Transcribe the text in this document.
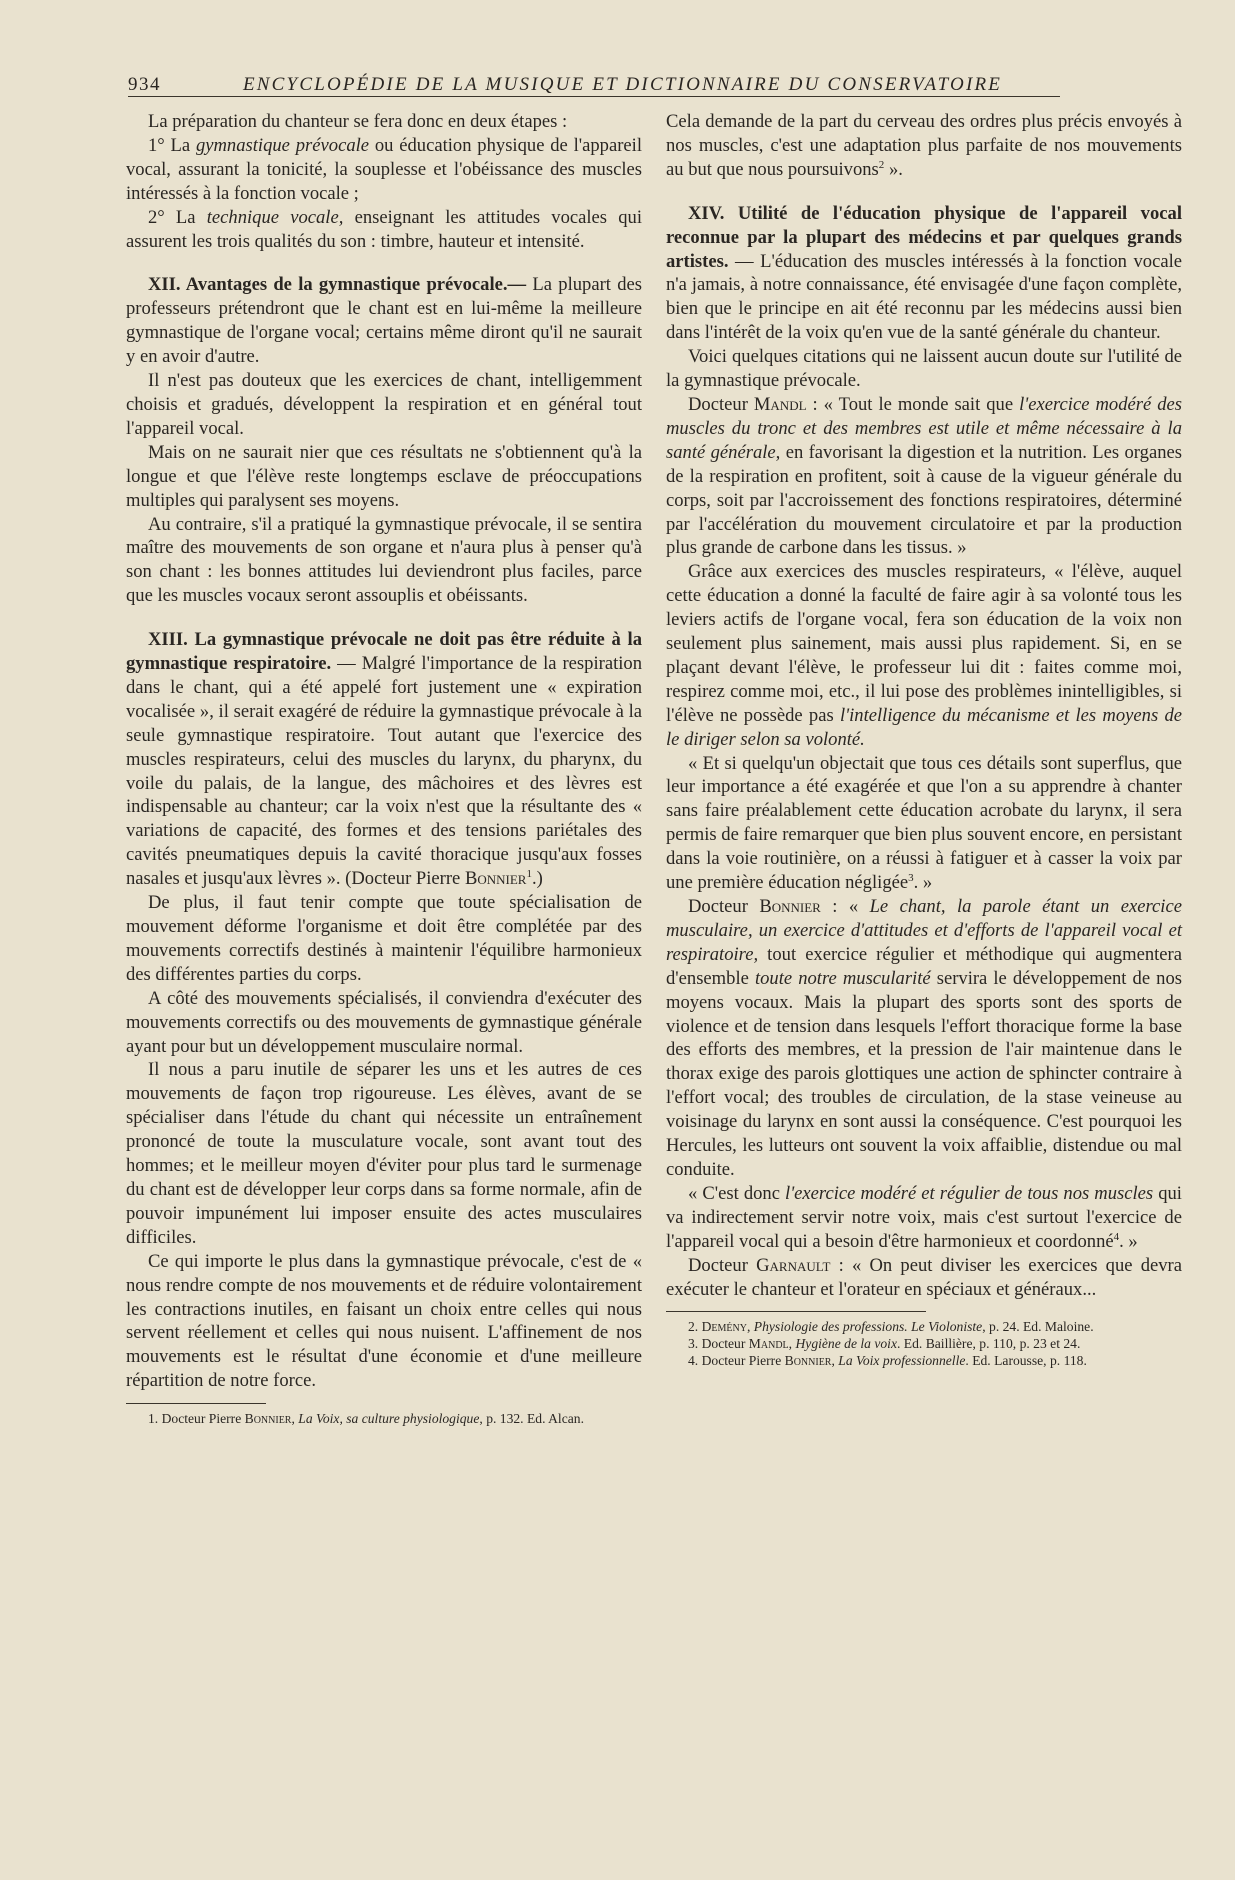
934	ENCYCLOPÉDIE DE LA MUSIQUE ET DICTIONNAIRE DU CONSERVATOIRE

La préparation du chanteur se fera donc en deux étapes :

1° La gymnastique prévocale ou éducation physique de l'appareil vocal, assurant la tonicité, la souplesse et l'obéissance des muscles intéressés à la fonction vocale ;

2° La technique vocale, enseignant les attitudes vocales qui assurent les trois qualités du son : timbre, hauteur et intensité.

XII. Avantages de la gymnastique prévocale.— La plupart des professeurs prétendront que le chant est en lui-même la meilleure gymnastique de l'organe vocal; certains même diront qu'il ne saurait y en avoir d'autre.

Il n'est pas douteux que les exercices de chant, intelligemment choisis et gradués, développent la respiration et en général tout l'appareil vocal.

Mais on ne saurait nier que ces résultats ne s'obtiennent qu'à la longue et que l'élève reste longtemps esclave de préoccupations multiples qui paralysent ses moyens.

Au contraire, s'il a pratiqué la gymnastique prévocale, il se sentira maître des mouvements de son organe et n'aura plus à penser qu'à son chant : les bonnes attitudes lui deviendront plus faciles, parce que les muscles vocaux seront assouplis et obéissants.

XIII. La gymnastique prévocale ne doit pas être réduite à la gymnastique respiratoire. — Malgré l'importance de la respiration dans le chant, qui a été appelé fort justement une « expiration vocalisée », il serait exagéré de réduire la gymnastique prévocale à la seule gymnastique respiratoire. Tout autant que l'exercice des muscles respirateurs, celui des muscles du larynx, du pharynx, du voile du palais, de la langue, des mâchoires et des lèvres est indispensable au chanteur; car la voix n'est que la résultante des « variations de capacité, des formes et des tensions pariétales des cavités pneumatiques depuis la cavité thoracique jusqu'aux fosses nasales et jusqu'aux lèvres ». (Docteur Pierre Bonnier$^1$.)

De plus, il faut tenir compte que toute spécialisation de mouvement déforme l'organisme et doit être complétée par des mouvements correctifs destinés à maintenir l'équilibre harmonieux des différentes parties du corps.

A côté des mouvements spécialisés, il conviendra d'exécuter des mouvements correctifs ou des mouvements de gymnastique générale ayant pour but un développement musculaire normal.

Il nous a paru inutile de séparer les uns et les autres de ces mouvements de façon trop rigoureuse. Les élèves, avant de se spécialiser dans l'étude du chant qui nécessite un entraînement prononcé de toute la musculature vocale, sont avant tout des hommes; et le meilleur moyen d'éviter pour plus tard le surmenage du chant est de développer leur corps dans sa forme normale, afin de pouvoir impunément lui imposer ensuite des actes musculaires difficiles.

Ce qui importe le plus dans la gymnastique prévocale, c'est de « nous rendre compte de nos mouvements et de réduire volontairement les contractions inutiles, en faisant un choix entre celles qui nous servent réellement et celles qui nous nuisent. L'affinement de nos mouvements est le résultat d'une économie et d'une meilleure répartition de notre force.

1. Docteur Pierre Bonnier, La Voix, sa culture physiologique, p. 132. Ed. Alcan.

Cela demande de la part du cerveau des ordres plus précis envoyés à nos muscles, c'est une adaptation plus parfaite de nos mouvements au but que nous poursuivons$^2$ ».

XIV. Utilité de l'éducation physique de l'appareil vocal reconnue par la plupart des médecins et par quelques grands artistes. — L'éducation des muscles intéressés à la fonction vocale n'a jamais, à notre connaissance, été envisagée d'une façon complète, bien que le principe en ait été reconnu par les médecins aussi bien dans l'intérêt de la voix qu'en vue de la santé générale du chanteur.

Voici quelques citations qui ne laissent aucun doute sur l'utilité de la gymnastique prévocale.

Docteur Mandl : « Tout le monde sait que l'exercice modéré des muscles du tronc et des membres est utile et même nécessaire à la santé générale, en favorisant la digestion et la nutrition. Les organes de la respiration en profitent, soit à cause de la vigueur générale du corps, soit par l'accroissement des fonctions respiratoires, déterminé par l'accélération du mouvement circulatoire et par la production plus grande de carbone dans les tissus. »

Grâce aux exercices des muscles respirateurs, « l'élève, auquel cette éducation a donné la faculté de faire agir à sa volonté tous les leviers actifs de l'organe vocal, fera son éducation de la voix non seulement plus sainement, mais aussi plus rapidement. Si, en se plaçant devant l'élève, le professeur lui dit : faites comme moi, respirez comme moi, etc., il lui pose des problèmes inintelligibles, si l'élève ne possède pas l'intelligence du mécanisme et les moyens de le diriger selon sa volonté.

« Et si quelqu'un objectait que tous ces détails sont superflus, que leur importance a été exagérée et que l'on a su apprendre à chanter sans faire préalablement cette éducation acrobate du larynx, il sera permis de faire remarquer que bien plus souvent encore, en persistant dans la voie routinière, on a réussi à fatiguer et à casser la voix par une première éducation négligée$^3$. »

Docteur Bonnier : « Le chant, la parole étant un exercice musculaire, un exercice d'attitudes et d'efforts de l'appareil vocal et respiratoire, tout exercice régulier et méthodique qui augmentera d'ensemble toute notre muscularité servira le développement de nos moyens vocaux. Mais la plupart des sports sont des sports de violence et de tension dans lesquels l'effort thoracique forme la base des efforts des membres, et la pression de l'air maintenue dans le thorax exige des parois glottiques une action de sphincter contraire à l'effort vocal; des troubles de circulation, de la stase veineuse au voisinage du larynx en sont aussi la conséquence. C'est pourquoi les Hercules, les lutteurs ont souvent la voix affaiblie, distendue ou mal conduite.

« C'est donc l'exercice modéré et régulier de tous nos muscles qui va indirectement servir notre voix, mais c'est surtout l'exercice de l'appareil vocal qui a besoin d'être harmonieux et coordonné$^4$. »

Docteur Garnault : « On peut diviser les exercices que devra exécuter le chanteur et l'orateur en spéciaux et généraux...

2. Demény, Physiologie des professions. Le Violoniste, p. 24. Ed. Maloine.

3. Docteur Mandl, Hygiène de la voix. Ed. Baillière, p. 110, p. 23 et 24.

4. Docteur Pierre Bonnier, La Voix professionnelle. Ed. Larousse, p. 118.
